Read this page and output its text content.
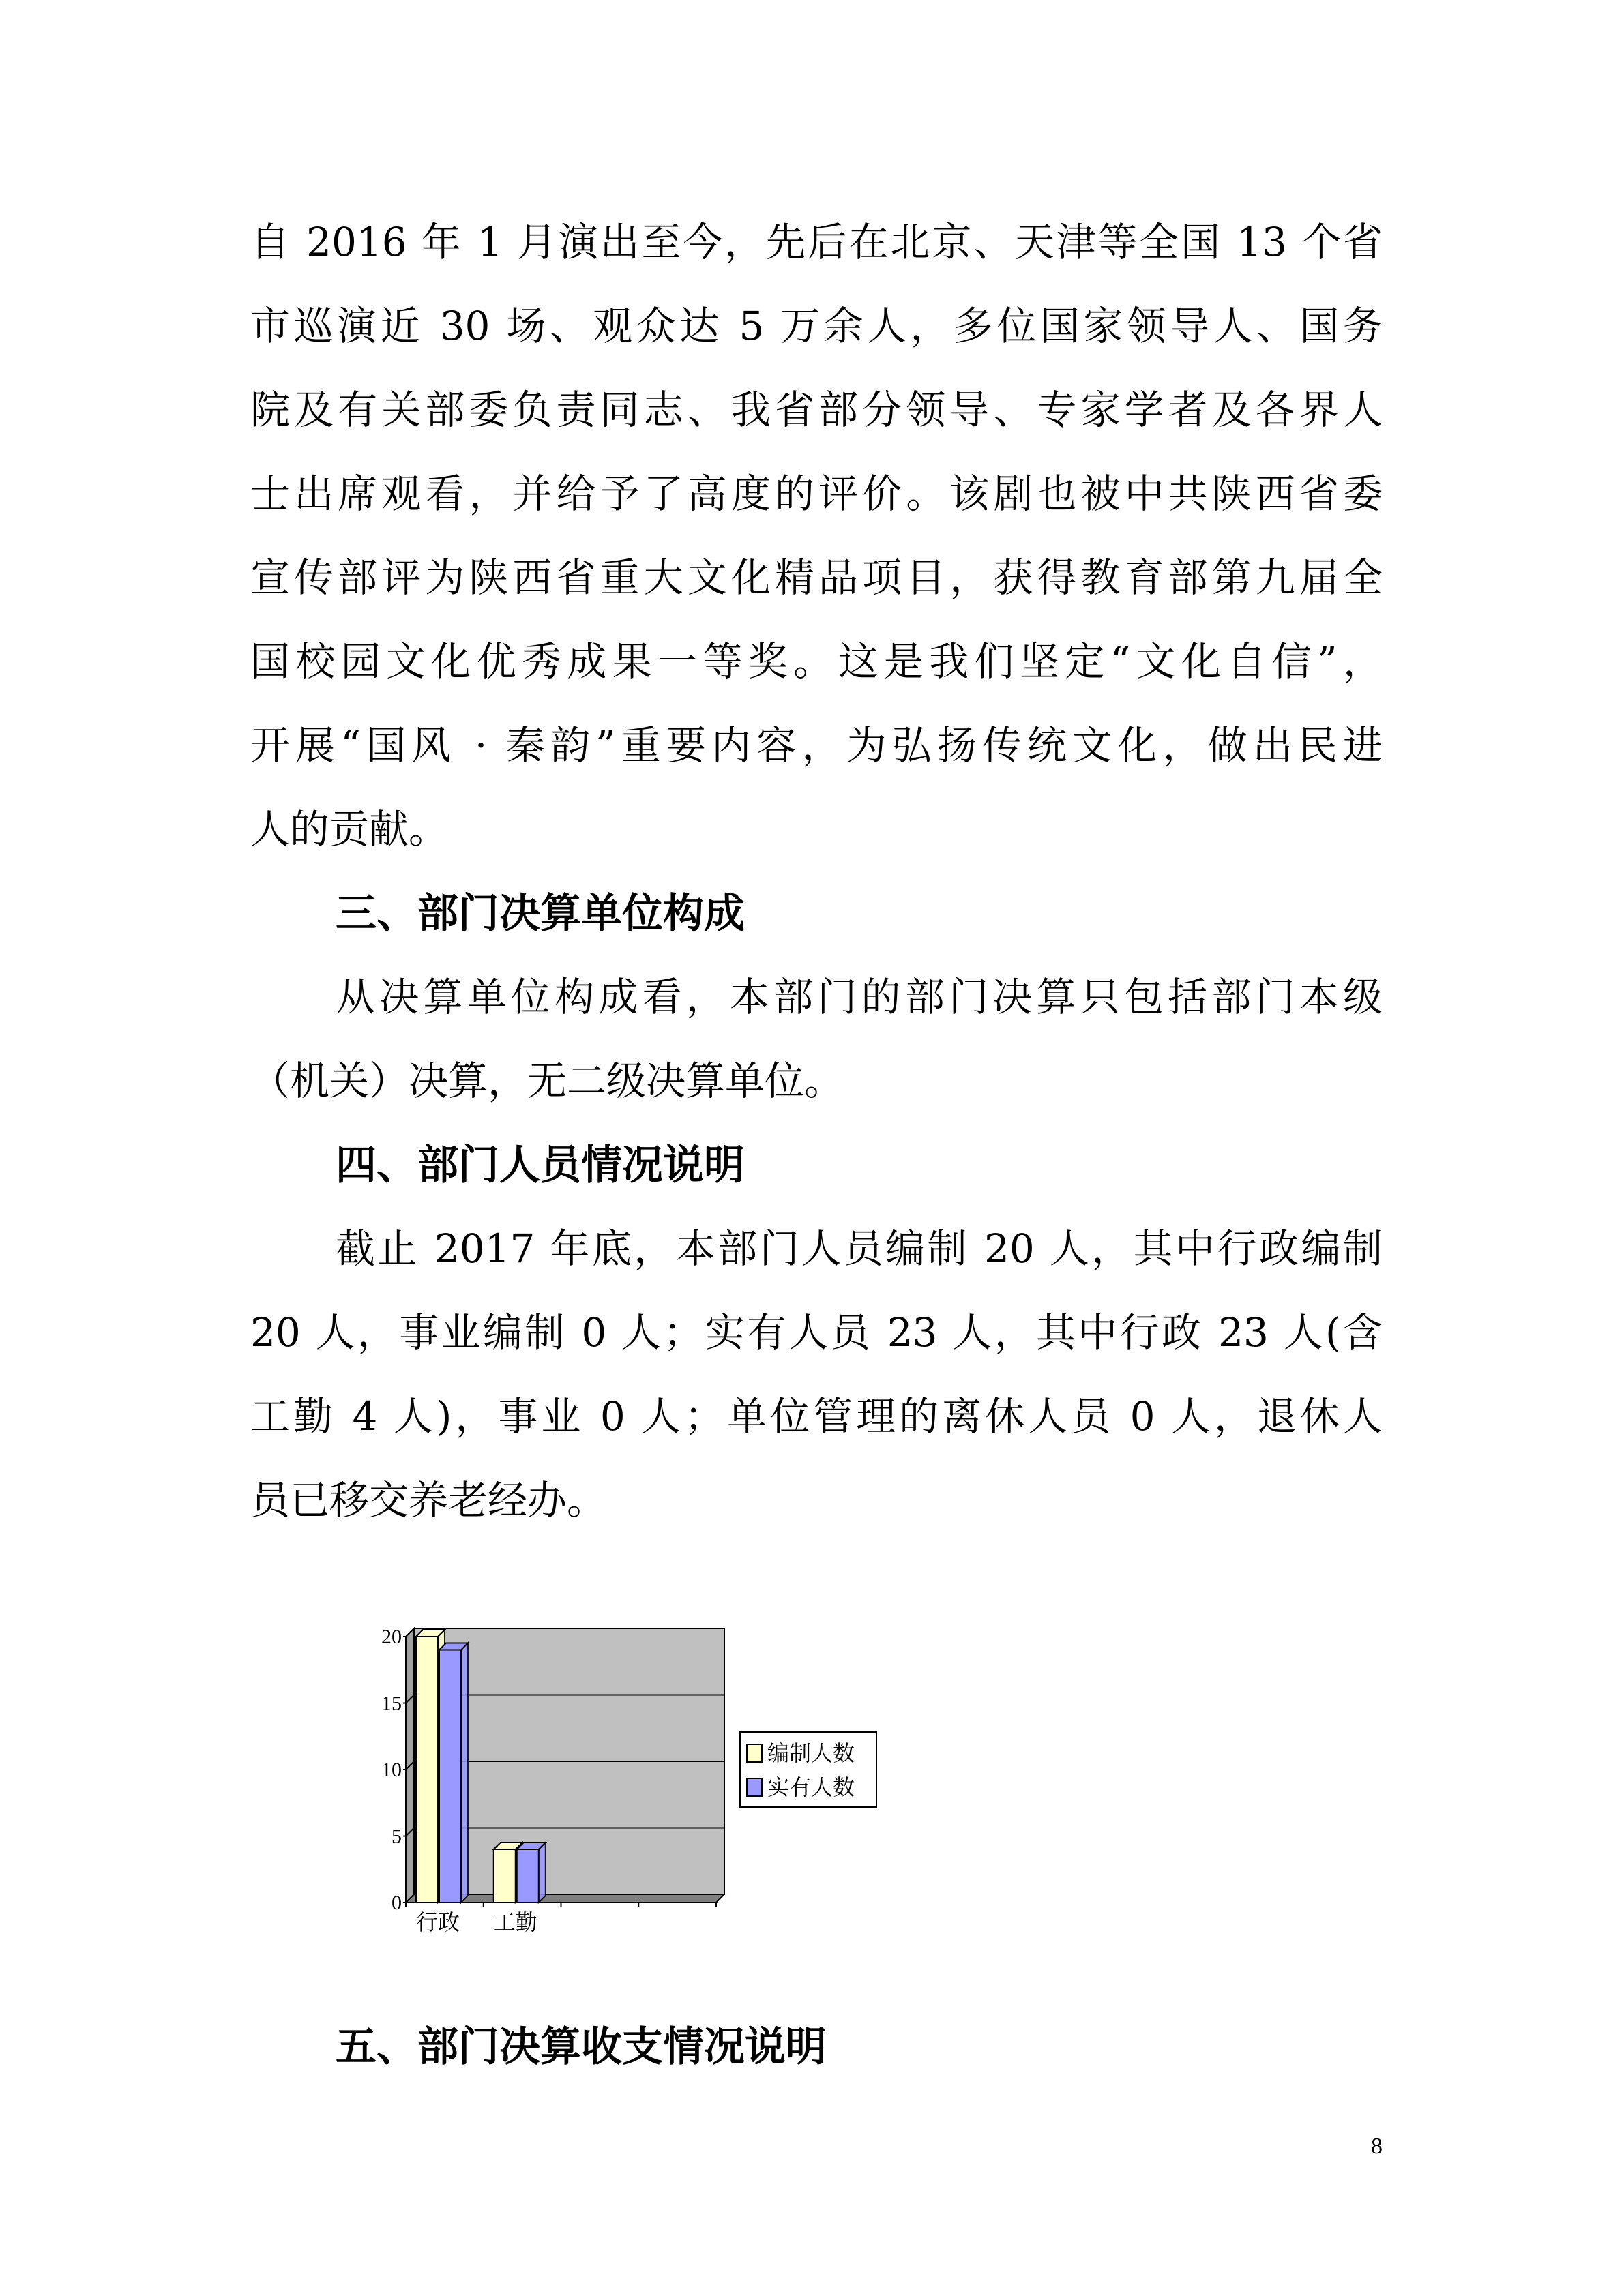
自 2016 年 1 月演出至今，先后在北京、天津等全国 13 个省
市巡演近 30 场、观众达 5 万余人，多位国家领导人、国务
院及有关部委负责同志、我省部分领导、专家学者及各界人
士出席观看，并给予了高度的评价。该剧也被中共陕西省委
宣传部评为陕西省重大文化精品项目，获得教育部第九届全
国校园文化优秀成果一等奖。这是我们坚定“文化自信”，
开展“国风 · 秦韵”重要内容，为弘扬传统文化，做出民进
人的贡献。
三、部门决算单位构成
从决算单位构成看，本部门的部门决算只包括部门本级
（机关）决算，无二级决算单位。
四、部门人员情况说明
截止 2017 年底，本部门人员编制 20 人，其中行政编制
20 人，事业编制 0 人；实有人员 23 人，其中行政 23 人(含
工勤 4 人)，事业 0 人；单位管理的离休人员 0 人，退休人
员已移交养老经办。
0
5
10
15
20
行政 工勤
编制人数
实有人数
五、部门决算收支情况说明
8
